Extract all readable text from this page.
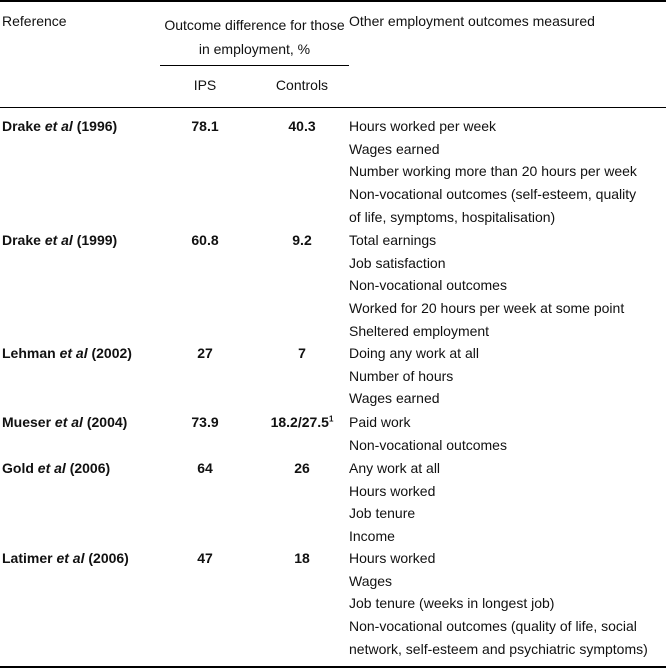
Reference	Outcome difference for those in employment, %
IPS	Controls
Other employment outcomes measured
Drake et al (1996)	78.1	40.3	Hours worked per week
Wages earned
Number working more than 20 hours per week
Non-vocational outcomes (self-esteem, quality
of life, symptoms, hospitalisation)
Drake et al (1999)	60.8	9.2	Total earnings
Job satisfaction
Non-vocational outcomes
Worked for 20 hours per week at some point
Sheltered employment
Lehman et al (2002)	27	7	Doing any work at all
Number of hours
Wages earned
Mueser et al (2004)	73.9	18.2/27.5$^1$	Paid work
Non-vocational outcomes
Gold et al (2006)	64	26	Any work at all
Hours worked
Job tenure
Income
Latimer et al (2006)	47	18	Hours worked
Wages
Job tenure (weeks in longest job)
Non-vocational outcomes (quality of life, social
network, self-esteem and psychiatric symptoms)
